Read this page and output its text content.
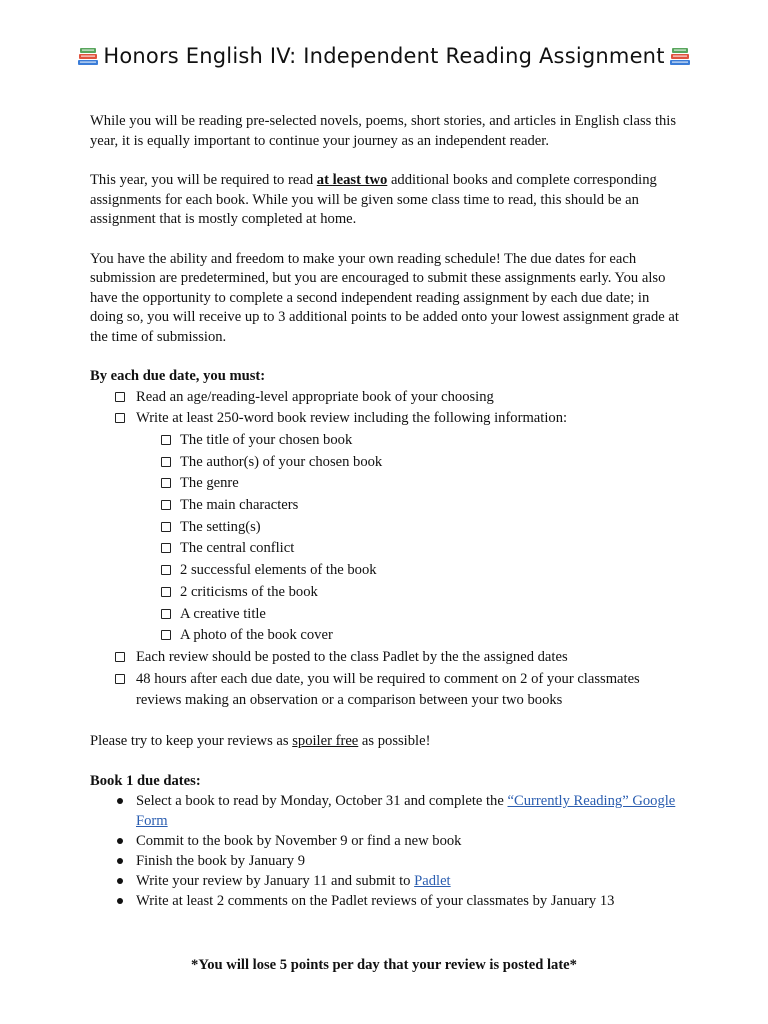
Honors English IV: Independent Reading Assignment

While you will be reading pre-selected novels, poems, short stories, and articles in English class this year, it is equally important to continue your journey as an independent reader.

This year, you will be required to read at least two additional books and complete corresponding assignments for each book. While you will be given some class time to read, this should be an assignment that is mostly completed at home.

You have the ability and freedom to make your own reading schedule! The due dates for each submission are predetermined, but you are encouraged to submit these assignments early. You also have the opportunity to complete a second independent reading assignment by each due date; in doing so, you will receive up to 3 additional points to be added onto your lowest assignment grade at the time of submission.

By each due date, you must:
Read an age/reading-level appropriate book of your choosing
Write at least 250-word book review including the following information:
The title of your chosen book
The author(s) of your chosen book
The genre
The main characters
The setting(s)
The central conflict
2 successful elements of the book
2 criticisms of the book
A creative title
A photo of the book cover
Each review should be posted to the class Padlet by the the assigned dates
48 hours after each due date, you will be required to comment on 2 of your classmates reviews making an observation or a comparison between your two books

Please try to keep your reviews as spoiler free as possible!

Book 1 due dates:
Select a book to read by Monday, October 31 and complete the “Currently Reading” Google Form
Commit to the book by November 9 or find a new book
Finish the book by January 9
Write your review by January 11 and submit to Padlet
Write at least 2 comments on the Padlet reviews of your classmates by January 13
*You will lose 5 points per day that your review is posted late*
